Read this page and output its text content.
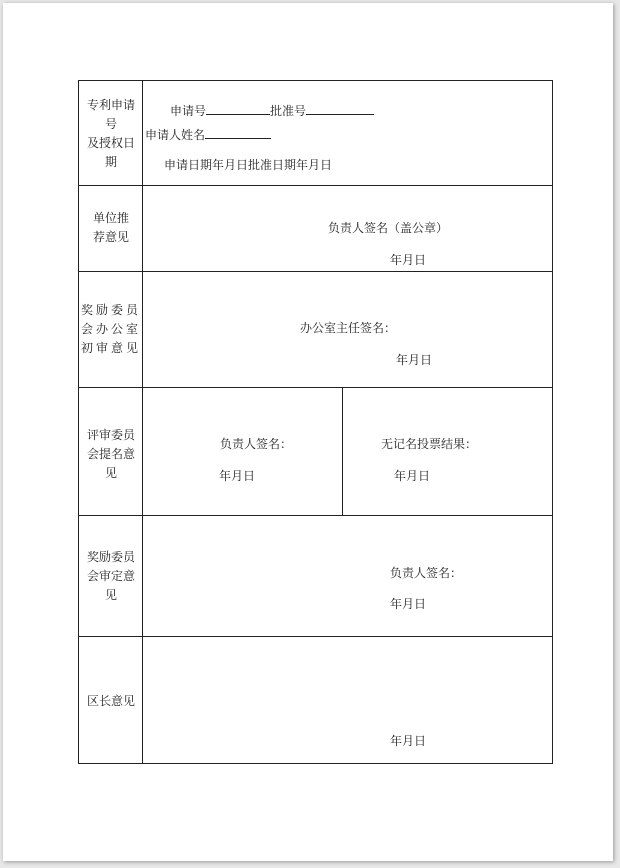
专利申请
号
及授权日
期
申请号	批准号
申请人姓名
申请日期年月日批准日期年月日
单位推
荐意见
负责人签名（盖公章）
年月日
奖励委员
会办公室
初审意见
办公室主任签名：
年月日
评审委员
会提名意
见
负责人签名：
年月日
无记名投票结果：
年月日
奖励委员
会审定意
见
负责人签名：
年月日
区长意见
年月日
